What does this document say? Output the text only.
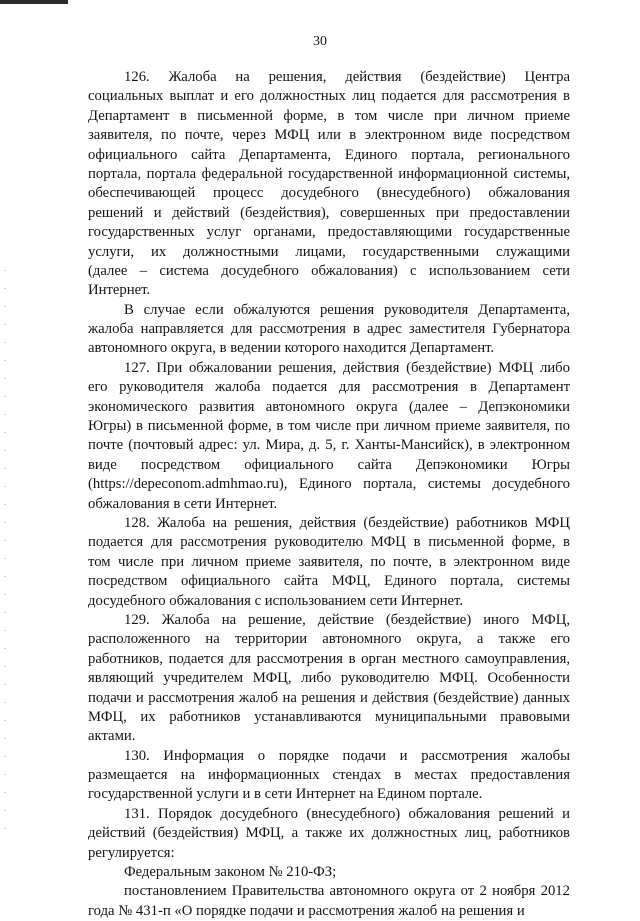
30
126. Жалоба на решения, действия (бездействие) Центра
социальных выплат и его должностных лиц подается для рассмотрения в
Департамент в письменной форме, в том числе при личном приеме
заявителя, по почте, через МФЦ или в электронном виде посредством
официального сайта Департамента, Единого портала, регионального
портала, портала федеральной государственной информационной системы,
обеспечивающей процесс досудебного (внесудебного) обжалования
решений и действий (бездействия), совершенных при предоставлении
государственных услуг органами, предоставляющими государственные
услуги, их должностными лицами, государственными служащими
(далее – система досудебного обжалования) с использованием сети
Интернет.
В случае если обжалуются решения руководителя Департамента,
жалоба направляется для рассмотрения в адрес заместителя Губернатора
автономного округа, в ведении которого находится Департамент.
127. При обжаловании решения, действия (бездействие) МФЦ либо
его руководителя жалоба подается для рассмотрения в Департамент
экономического развития автономного округа (далее – Депэкономики
Югры) в письменной форме, в том числе при личном приеме заявителя, по
почте (почтовый адрес: ул. Мира, д. 5, г. Ханты-Мансийск), в электронном
виде посредством официального сайта Депэкономики Югры
(https://depeconom.admhmao.ru), Единого портала, системы досудебного
обжалования в сети Интернет.
128. Жалоба на решения, действия (бездействие) работников МФЦ
подается для рассмотрения руководителю МФЦ в письменной форме, в
том числе при личном приеме заявителя, по почте, в электронном виде
посредством официального сайта МФЦ, Единого портала, системы
досудебного обжалования с использованием сети Интернет.
129. Жалоба на решение, действие (бездействие) иного МФЦ,
расположенного на территории автономного округа, а также его
работников, подается для рассмотрения в орган местного самоуправления,
являющий учредителем МФЦ, либо руководителю МФЦ. Особенности
подачи и рассмотрения жалоб на решения и действия (бездействие) данных
МФЦ, их работников устанавливаются муниципальными правовыми
актами.
130. Информация о порядке подачи и рассмотрения жалобы
размещается на информационных стендах в местах предоставления
государственной услуги и в сети Интернет на Едином портале.
131. Порядок досудебного (внесудебного) обжалования решений и
действий (бездействия) МФЦ, а также их должностных лиц, работников
регулируется:
Федеральным законом № 210-ФЗ;
постановлением Правительства автономного округа от 2 ноября 2012
года № 431-п «О порядке подачи и рассмотрения жалоб на решения и
